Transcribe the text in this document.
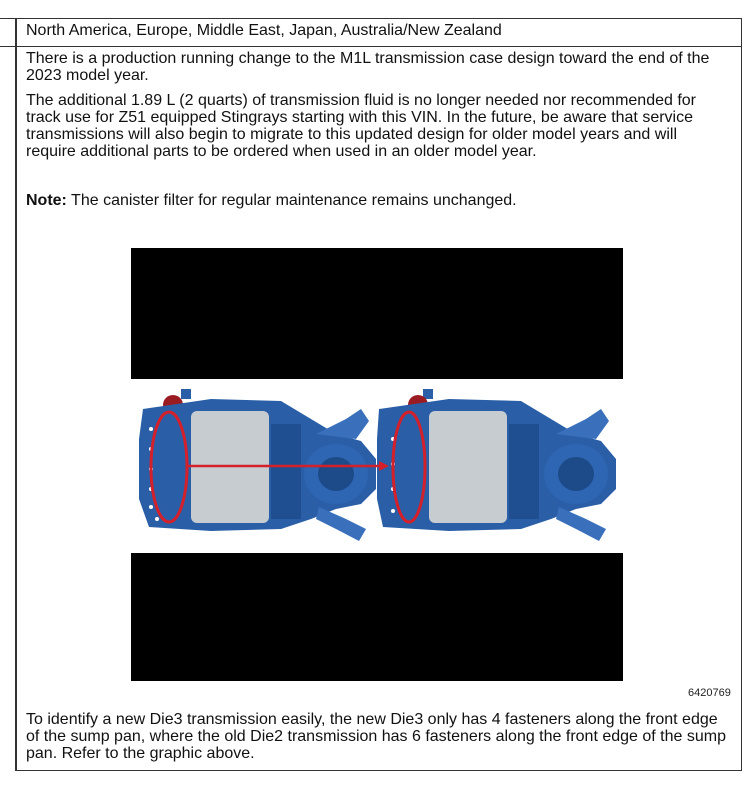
North America, Europe, Middle East, Japan, Australia/New Zealand
There is a production running change to the M1L transmission case design toward the end of the 2023 model year.
The additional 1.89 L (2 quarts) of transmission fluid is no longer needed nor recommended for track use for Z51 equipped Stingrays starting with this VIN. In the future, be aware that service transmissions will also begin to migrate to this updated design for older model years and will require additional parts to be ordered when used in an older model year.
Note: The canister filter for regular maintenance remains unchanged.
6420769
To identify a new Die3 transmission easily, the new Die3 only has 4 fasteners along the front edge of the sump pan, where the old Die2 transmission has 6 fasteners along the front edge of the sump pan. Refer to the graphic above.
